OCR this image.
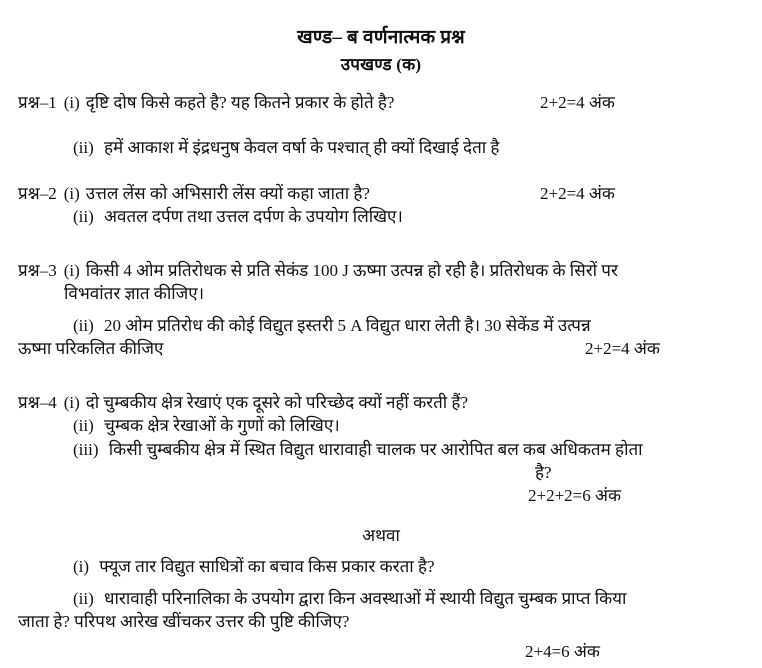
खण्ड– ब वर्णनात्मक प्रश्न
उपखण्ड (क)
प्रश्न–1 (i) दृष्टि दोष किसे कहते है? यह कितने प्रकार के होते है?	2+2=4 अंक
(ii) हमें आकाश में इंद्रधनुष केवल वर्षा के पश्चात् ही क्यों दिखाई देता है
प्रश्न–2 (i) उत्तल लेंस को अभिसारी लेंस क्यों कहा जाता है?	2+2=4 अंक
(ii) अवतल दर्पण तथा उत्तल दर्पण के उपयोग लिखिए।
प्रश्न–3 (i) किसी 4 ओम प्रतिरोधक से प्रति सेकंड 100 J ऊष्मा उत्पन्न हो रही है। प्रतिरोधक के सिरों पर
विभवांतर ज्ञात कीजिए।
(ii) 20 ओम प्रतिरोध की कोई विद्युत इस्तरी 5 A विद्युत धारा लेती है। 30 सेकेंड में उत्पन्न
ऊष्मा परिकलित कीजिए	2+2=4 अंक
प्रश्न–4 (i) दो चुम्बकीय क्षेत्र रेखाएं एक दूसरे को परिच्छेद क्यों नहीं करती हैं?
(ii) चुम्बक क्षेत्र रेखाओं के गुणों को लिखिए।
(iii) किसी चुम्बकीय क्षेत्र में स्थित विद्युत धारावाही चालक पर आरोपित बल कब अधिकतम होता
है?
2+2+2=6 अंक
अथवा
(i) फ्यूज तार विद्युत साधित्रों का बचाव किस प्रकार करता है?
(ii) धारावाही परिनालिका के उपयोग द्वारा किन अवस्थाओं में स्थायी विद्युत चुम्बक प्राप्त किया
जाता हे? परिपथ आरेख खींचकर उत्तर की पुष्टि कीजिए?
2+4=6 अंक
